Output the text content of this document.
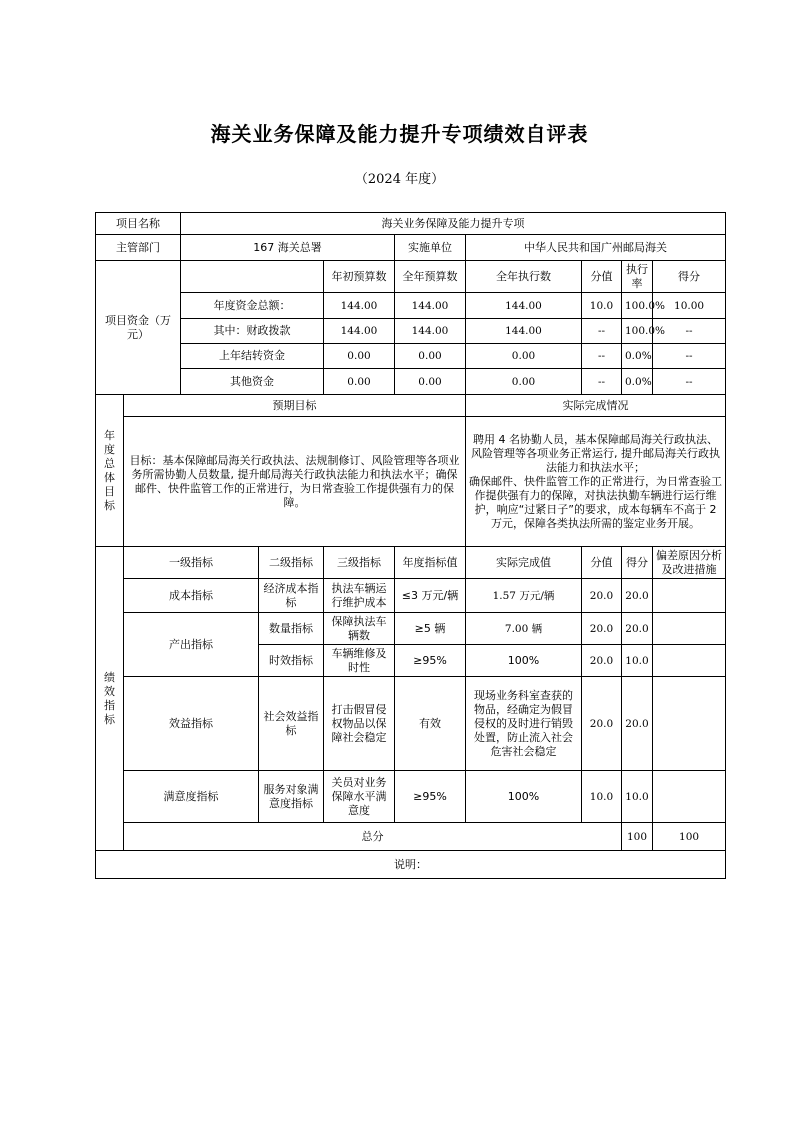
海关业务保障及能力提升专项绩效自评表
（2024 年度）
项目名称		海关业务保障及能力提升专项								
主管部门		167 海关总署			实施单位	中华人民共和国广州邮局海关				
项目资金（万元）				年初预算数	全年预算数	全年执行数	分值	执行率	得分	
		年度资金总额：		144.00	144.00	144.00	10.0	100.0%	10.00	
		其中：财政拨款		144.00	144.00	144.00	--	100.0%	--	
		上年结转资金		0.00	0.00	0.00	--	0.0%	--	
		其他资金		0.00	0.00	0.00	--	0.0%	--	

年度总体目标	预期目标					实际完成情况				
	目标：基本保障邮局海关行政执法、法规制修订、风险管理等各项业务所需协勤人员数量, 提升邮局海关行政执法能力和执法水平；确保邮件、快件监管工作的正常进行，为日常查验工作提供强有力的保障。					聘用 4 名协勤人员，基本保障邮局海关行政执法、风险管理等各项业务正常运行, 提升邮局海关行政执法能力和执法水平；
确保邮件、快件监管工作的正常进行，为日常查验工作提供强有力的保障，对执法执勤车辆进行运行维护，响应“过紧日子”的要求，成本每辆车不高于 2 万元，保障各类执法所需的鉴定业务开展。				

绩效指标	一级指标		二级指标	三级指标	年度指标值	实际完成值	分值	得分	偏差原因分析及改进措施	
	成本指标		经济成本指标	执法车辆运行维护成本	≤3 万元/辆	1.57 万元/辆	20.0	20.0		
	产出指标		数量指标	保障执法车辆数	≥5 辆	7.00 辆	20.0	20.0		
			时效指标	车辆维修及时性	≥95%	100%	20.0	10.0		
	效益指标		社会效益指标	打击假冒侵权物品以保障社会稳定	有效	现场业务科室查获的物品，经确定为假冒侵权的及时进行销毁处置，防止流入社会危害社会稳定	20.0	20.0		
	满意度指标		服务对象满意度指标	关员对业务保障水平满意度	≥95%	100%	10.0	10.0		
	总分							100	100	
说明：										
